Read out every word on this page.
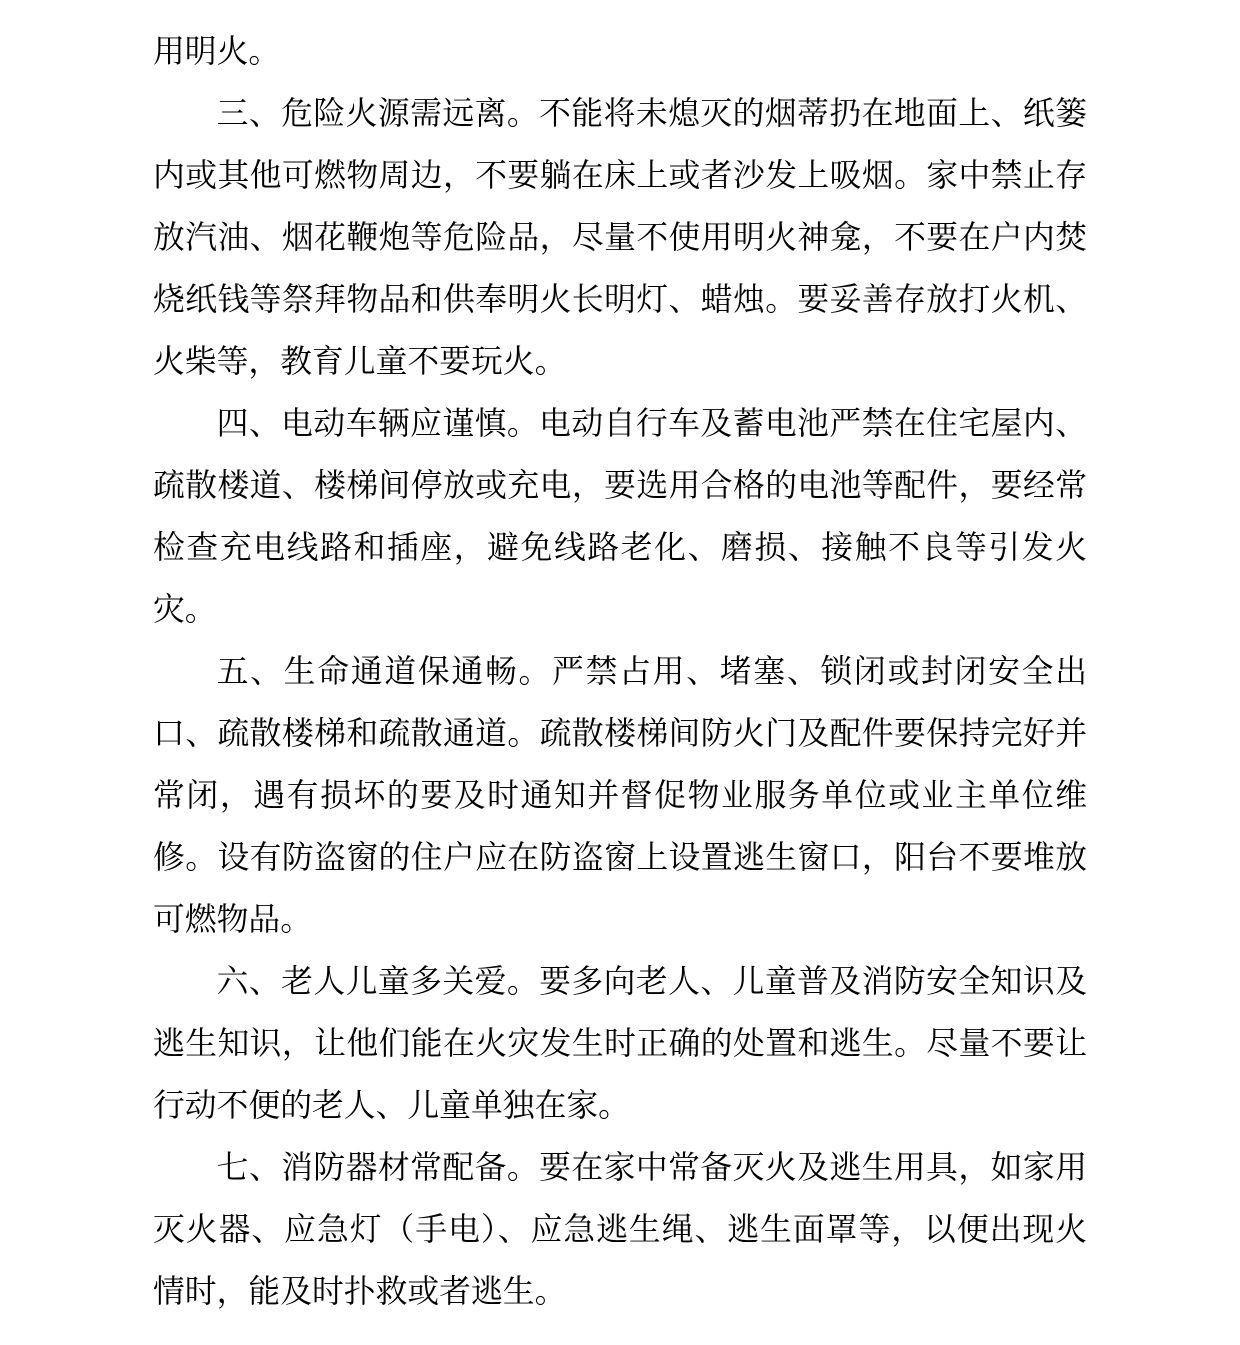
用明火。

三、危险火源需远离。不能将未熄灭的烟蒂扔在地面上、纸篓内或其他可燃物周边，不要躺在床上或者沙发上吸烟。家中禁止存放汽油、烟花鞭炮等危险品，尽量不使用明火神龛，不要在户内焚烧纸钱等祭拜物品和供奉明火长明灯、蜡烛。要妥善存放打火机、火柴等，教育儿童不要玩火。

四、电动车辆应谨慎。电动自行车及蓄电池严禁在住宅屋内、疏散楼道、楼梯间停放或充电，要选用合格的电池等配件，要经常检查充电线路和插座，避免线路老化、磨损、接触不良等引发火灾。

五、生命通道保通畅。严禁占用、堵塞、锁闭或封闭安全出口、疏散楼梯和疏散通道。疏散楼梯间防火门及配件要保持完好并常闭，遇有损坏的要及时通知并督促物业服务单位或业主单位维修。设有防盗窗的住户应在防盗窗上设置逃生窗口，阳台不要堆放可燃物品。

六、老人儿童多关爱。要多向老人、儿童普及消防安全知识及逃生知识，让他们能在火灾发生时正确的处置和逃生。尽量不要让行动不便的老人、儿童单独在家。

七、消防器材常配备。要在家中常备灭火及逃生用具，如家用灭火器、应急灯（手电）、应急逃生绳、逃生面罩等，以便出现火情时，能及时扑救或者逃生。
